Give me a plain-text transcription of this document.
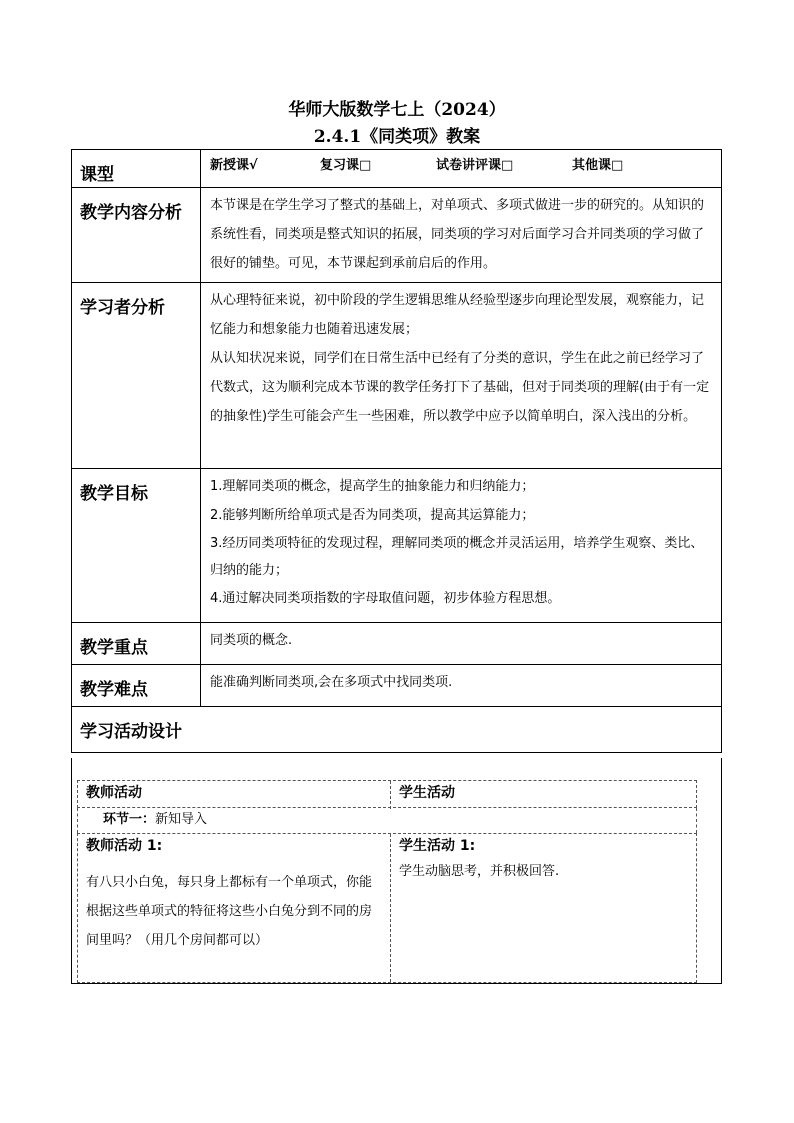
华师大版数学七上（2024）
2.4.1《同类项》教案
课型	新授课√ 复习课□ 试卷讲评课□ 其他课□

教学内容分析	本节课是在学生学习了整式的基础上，对单项式、多项式做进一步的研究的。从知识的系统性看，同类项是整式知识的拓展，同类项的学习对后面学习合并同类项的学习做了很好的铺垫。可见，本节课起到承前启后的作用。
学习者分析	从心理特征来说，初中阶段的学生逻辑思维从经验型逐步向理论型发展，观察能力，记忆能力和想象能力也随着迅速发展；
从认知状况来说，同学们在日常生活中已经有了分类的意识，学生在此之前已经学习了代数式，这为顺利完成本节课的教学任务打下了基础，但对于同类项的理解(由于有一定的抽象性)学生可能会产生一些困难，所以教学中应予以简单明白，深入浅出的分析。

教学目标	1.理解同类项的概念，提高学生的抽象能力和归纳能力；
2.能够判断所给单项式是否为同类项，提高其运算能力；
3.经历同类项特征的发现过程，理解同类项的概念并灵活运用，培养学生观察、类比、归纳的能力；
4.通过解决同类项指数的字母取值问题，初步体验方程思想。

教学重点	同类项的概念.
教学难点	能准确判断同类项,会在多项式中找同类项.
学习活动设计	
教师活动	学生活动
环节一：新知导入
教师活动 1:
有八只小白兔，每只身上都标有一个单项式，你能根据这些单项式的特征将这些小白兔分到不同的房间里吗？（用几个房间都可以）
学生活动 1:
学生动脑思考，并积极回答.
